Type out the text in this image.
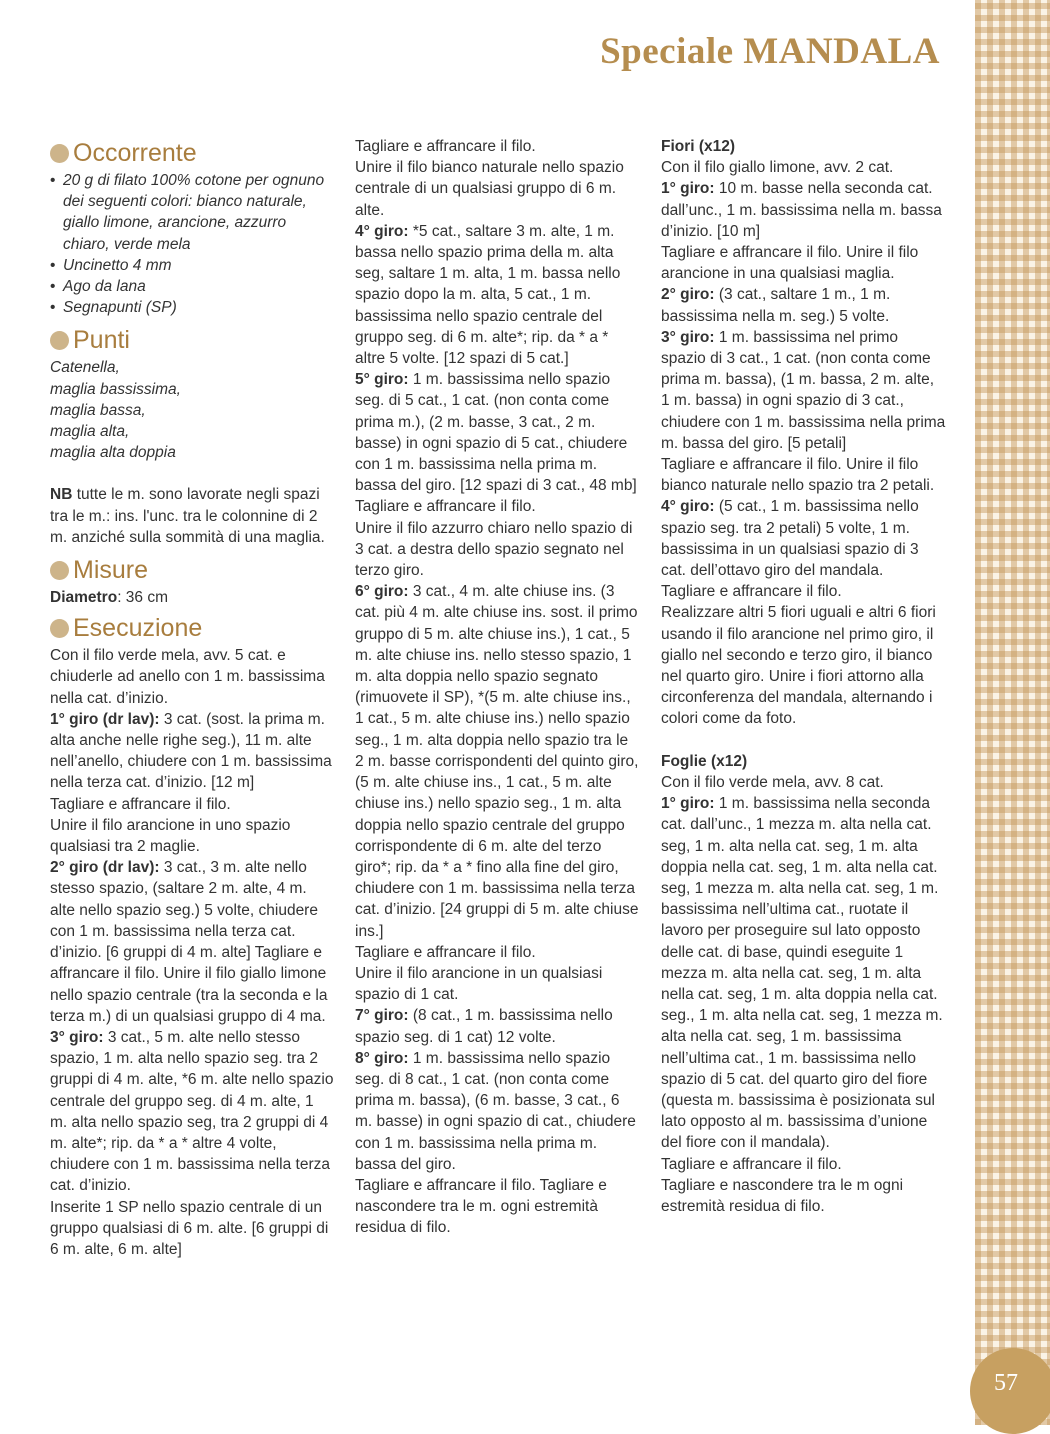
Speciale MANDALA
57
Occorrente
• 20 g di filato 100% cotone per ognuno dei seguenti colori: bianco naturale, giallo limone, arancione, azzurro chiaro, verde mela
• Uncinetto 4 mm
• Ago da lana
• Segnapunti (SP)
Punti

Catenella,

maglia bassissima,

maglia bassa,

maglia alta,

maglia alta doppia

NB tutte le m. sono lavorate negli spazi tra le m.: ins. l'unc. tra le colonnine di 2 m. anziché sulla sommità di una maglia.

Misure

Diametro: 36 cm

Esecuzione

Con il filo verde mela, avv. 5 cat. e chiuderle ad anello con 1 m. bassissima nella cat. d’inizio.

1° giro (dr lav): 3 cat. (sost. la prima m. alta anche nelle righe seg.), 11 m. alte nell’anello, chiudere con 1 m. bassissima nella terza cat. d’inizio. [12 m]

Tagliare e affrancare il filo.

Unire il filo arancione in uno spazio qualsiasi tra 2 maglie.

2° giro (dr lav): 3 cat., 3 m. alte nello stesso spazio, (saltare 2 m. alte, 4 m. alte nello spazio seg.) 5 volte, chiudere con 1 m. bassissima nella terza cat. d’inizio. [6 gruppi di 4 m. alte] Tagliare e affrancare il filo. Unire il filo giallo limone nello spazio centrale (tra la seconda e la terza m.) di un qualsiasi gruppo di 4 ma.

3° giro: 3 cat., 5 m. alte nello stesso spazio, 1 m. alta nello spazio seg. tra 2 gruppi di 4 m. alte, *6 m. alte nello spazio centrale del gruppo seg. di 4 m. alte, 1 m. alta nello spazio seg, tra 2 gruppi di 4 m. alte*; rip. da * a * altre 4 volte, chiudere con 1 m. bassissima nella terza cat. d’inizio.

Inserite 1 SP nello spazio centrale di un gruppo qualsiasi di 6 m. alte. [6 gruppi di 6 m. alte, 6 m. alte]

Tagliare e affrancare il filo.

Unire il filo bianco naturale nello spazio centrale di un qualsiasi gruppo di 6 m. alte.

4° giro: *5 cat., saltare 3 m. alte, 1 m. bassa nello spazio prima della m. alta seg, saltare 1 m. alta, 1 m. bassa nello spazio dopo la m. alta, 5 cat., 1 m. bassissima nello spazio centrale del gruppo seg. di 6 m. alte*; rip. da * a * altre 5 volte. [12 spazi di 5 cat.]

5° giro: 1 m. bassissima nello spazio seg. di 5 cat., 1 cat. (non conta come prima m.), (2 m. basse, 3 cat., 2 m. basse) in ogni spazio di 5 cat., chiudere con 1 m. bassissima nella prima m. bassa del giro. [12 spazi di 3 cat., 48 mb]

Tagliare e affrancare il filo.

Unire il filo azzurro chiaro nello spazio di 3 cat. a destra dello spazio segnato nel terzo giro.

6° giro: 3 cat., 4 m. alte chiuse ins. (3 cat. più 4 m. alte chiuse ins. sost. il primo gruppo di 5 m. alte chiuse ins.), 1 cat., 5 m. alte chiuse ins. nello stesso spazio, 1 m. alta doppia nello spazio segnato (rimuovete il SP), *(5 m. alte chiuse ins., 1 cat., 5 m. alte chiuse ins.) nello spazio seg., 1 m. alta doppia nello spazio tra le 2 m. basse corrispondenti del quinto giro, (5 m. alte chiuse ins., 1 cat., 5 m. alte chiuse ins.) nello spazio seg., 1 m. alta doppia nello spazio centrale del gruppo corrispondente di 6 m. alte del terzo giro*; rip. da * a * fino alla fine del giro, chiudere con 1 m. bassissima nella terza cat. d’inizio. [24 gruppi di 5 m. alte chiuse ins.]

Tagliare e affrancare il filo.

Unire il filo arancione in un qualsiasi spazio di 1 cat.

7° giro: (8 cat., 1 m. bassissima nello spazio seg. di 1 cat) 12 volte.

8° giro: 1 m. bassissima nello spazio seg. di 8 cat., 1 cat. (non conta come prima m. bassa), (6 m. basse, 3 cat., 6 m. basse) in ogni spazio di cat., chiudere con 1 m. bassissima nella prima m. bassa del giro.

Tagliare e affrancare il filo. Tagliare e nascondere tra le m. ogni estremità residua di filo.

Fiori (x12)

Con il filo giallo limone, avv. 2 cat.

1° giro: 10 m. basse nella seconda cat. dall’unc., 1 m. bassissima nella m. bassa d’inizio. [10 m]

Tagliare e affrancare il filo. Unire il filo arancione in una qualsiasi maglia.

2° giro: (3 cat., saltare 1 m., 1 m. bassissima nella m. seg.) 5 volte.

3° giro: 1 m. bassissima nel primo spazio di 3 cat., 1 cat. (non conta come prima m. bassa), (1 m. bassa, 2 m. alte, 1 m. bassa) in ogni spazio di 3 cat., chiudere con 1 m. bassissima nella prima m. bassa del giro. [5 petali]

Tagliare e affrancare il filo. Unire il filo bianco naturale nello spazio tra 2 petali.

4° giro: (5 cat., 1 m. bassissima nello spazio seg. tra 2 petali) 5 volte, 1 m. bassissima in un qualsiasi spazio di 3 cat. dell’ottavo giro del mandala.

Tagliare e affrancare il filo.

Realizzare altri 5 fiori uguali e altri 6 fiori usando il filo arancione nel primo giro, il giallo nel secondo e terzo giro, il bianco nel quarto giro. Unire i fiori attorno alla circonferenza del mandala, alternando i colori come da foto.

Foglie (x12)

Con il filo verde mela, avv. 8 cat.

1° giro: 1 m. bassissima nella seconda cat. dall’unc., 1 mezza m. alta nella cat. seg, 1 m. alta nella cat. seg, 1 m. alta doppia nella cat. seg, 1 m. alta nella cat. seg, 1 mezza m. alta nella cat. seg, 1 m. bassissima nell’ultima cat., ruotate il lavoro per proseguire sul lato opposto delle cat. di base, quindi eseguite 1 mezza m. alta nella cat. seg, 1 m. alta nella cat. seg, 1 m. alta doppia nella cat. seg., 1 m. alta nella cat. seg, 1 mezza m. alta nella cat. seg, 1 m. bassissima nell’ultima cat., 1 m. bassissima nello spazio di 5 cat. del quarto giro del fiore (questa m. bassissima è posizionata sul lato opposto al m. bassissima d’unione del fiore con il mandala).

Tagliare e affrancare il filo.

Tagliare e nascondere tra le m ogni estremità residua di filo.
